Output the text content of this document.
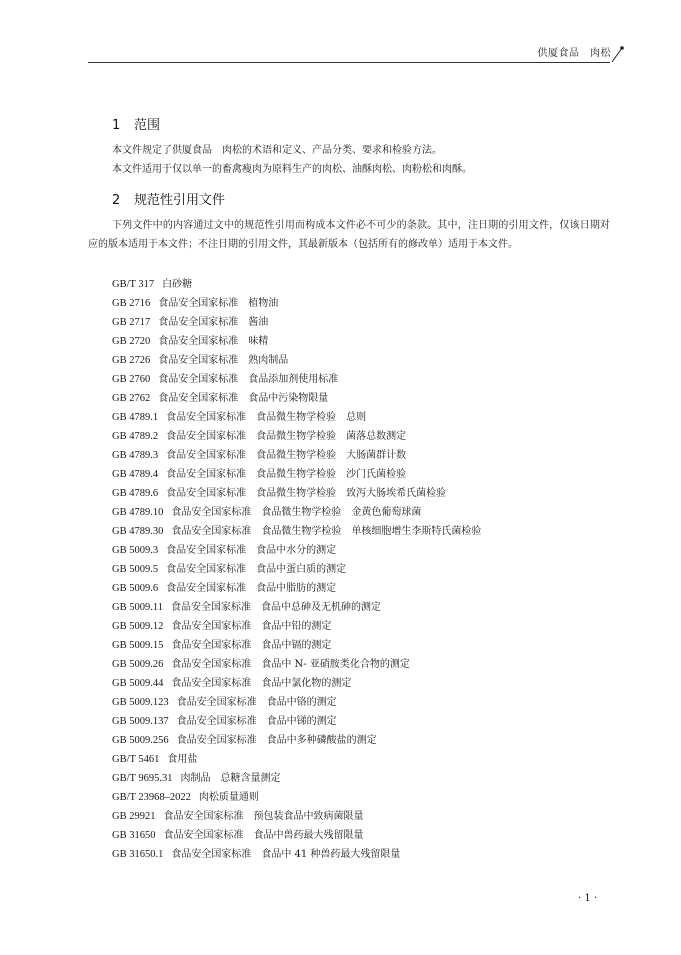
供厦食品　肉松
1 范围
本文件规定了供厦食品　肉松的术语和定义、产品分类、要求和检验方法。
本文件适用于仅以单一的畜禽瘦肉为原料生产的肉松、油酥肉松、肉粉松和肉酥。
2 规范性引用文件
下列文件中的内容通过文中的规范性引用而构成本文件必不可少的条款。其中，注日期的引用文件，仅该日期对应的版本适用于本文件；不注日期的引用文件，其最新版本（包括所有的修改单）适用于本文件。
GB/T 317 白砂糖
GB 2716 食品安全国家标准　植物油
GB 2717 食品安全国家标准　酱油
GB 2720 食品安全国家标准　味精
GB 2726 食品安全国家标准　熟肉制品
GB 2760 食品安全国家标准　食品添加剂使用标准
GB 2762 食品安全国家标准　食品中污染物限量
GB 4789.1 食品安全国家标准　食品微生物学检验　总则
GB 4789.2 食品安全国家标准　食品微生物学检验　菌落总数测定
GB 4789.3 食品安全国家标准　食品微生物学检验　大肠菌群计数
GB 4789.4 食品安全国家标准　食品微生物学检验　沙门氏菌检验
GB 4789.6 食品安全国家标准　食品微生物学检验　致泻大肠埃希氏菌检验
GB 4789.10 食品安全国家标准　食品微生物学检验　金黄色葡萄球菌
GB 4789.30 食品安全国家标准　食品微生物学检验　单核细胞增生李斯特氏菌检验
GB 5009.3 食品安全国家标准　食品中水分的测定
GB 5009.5 食品安全国家标准　食品中蛋白质的测定
GB 5009.6 食品安全国家标准　食品中脂肪的测定
GB 5009.11 食品安全国家标准　食品中总砷及无机砷的测定
GB 5009.12 食品安全国家标准　食品中铅的测定
GB 5009.15 食品安全国家标准　食品中镉的测定
GB 5009.26 食品安全国家标准　食品中 N- 亚硝胺类化合物的测定
GB 5009.44 食品安全国家标准　食品中氯化物的测定
GB 5009.123 食品安全国家标准　食品中铬的测定
GB 5009.137 食品安全国家标准　食品中锑的测定
GB 5009.256 食品安全国家标准　食品中多种磷酸盐的测定
GB/T 5461 食用盐
GB/T 9695.31 肉制品　总糖含量测定
GB/T 23968–2022 肉松质量通则
GB 29921 食品安全国家标准　预包装食品中致病菌限量
GB 31650 食品安全国家标准　食品中兽药最大残留限量
GB 31650.1 食品安全国家标准　食品中 41 种兽药最大残留限量
· 1 ·
